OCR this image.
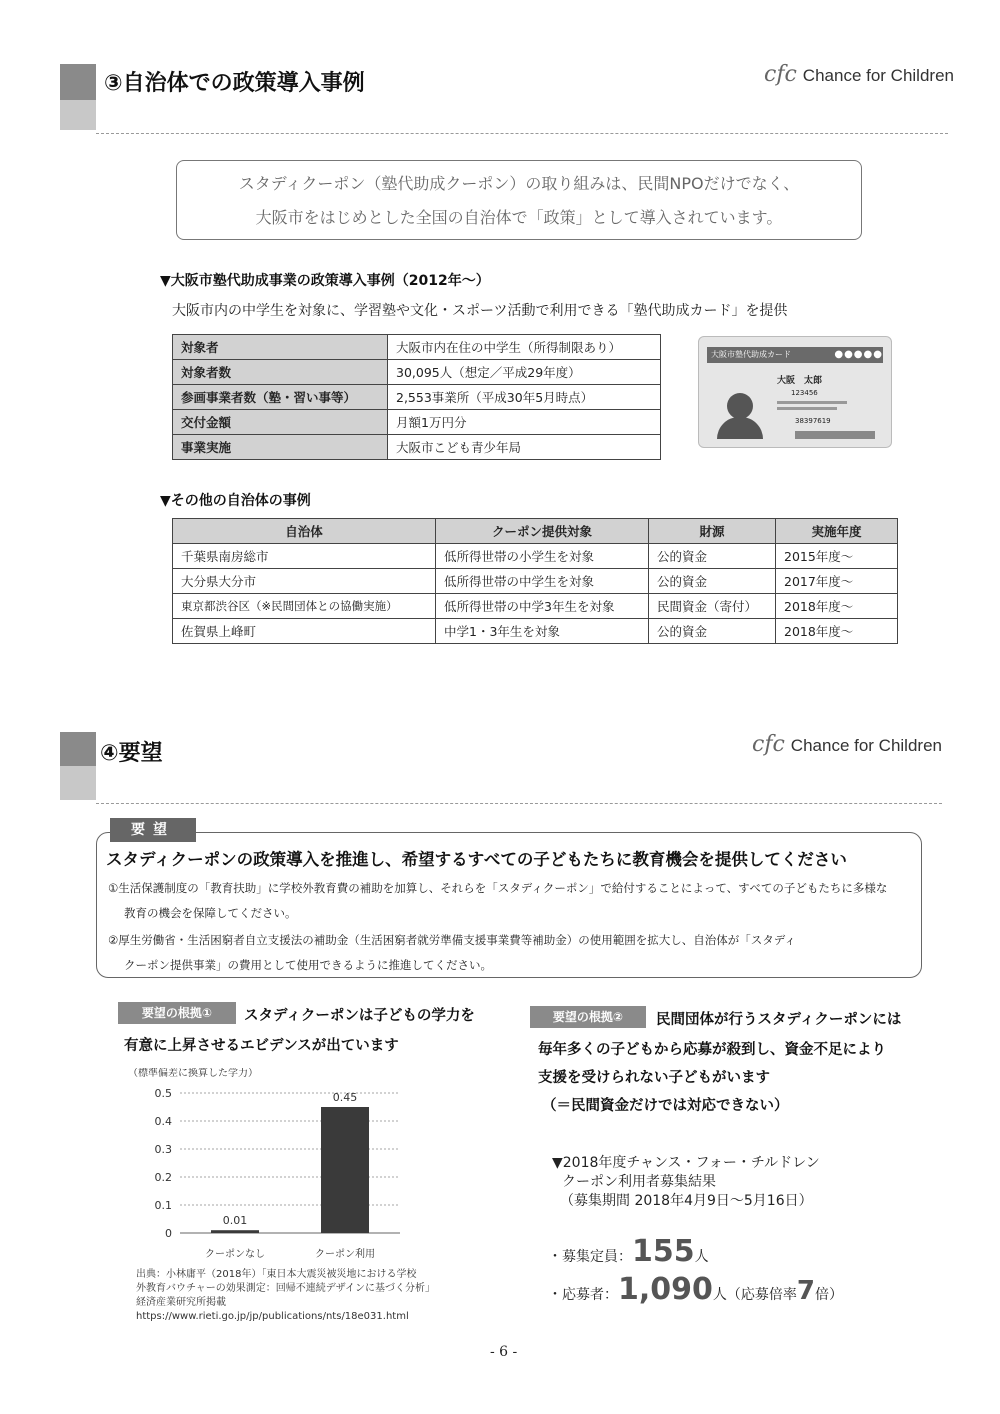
③自治体での政策導入事例	cfc Chance for Children
スタディクーポン（塾代助成クーポン）の取り組みは、民間NPOだけでなく、
大阪市をはじめとした全国の自治体で「政策」として導入されています。
▼大阪市塾代助成事業の政策導入事例（2012年～）
大阪市内の中学生を対象に、学習塾や文化・スポーツ活動で利用できる「塾代助成カード」を提供
対象者	大阪市内在住の中学生（所得制限あり）
対象者数	30,095人（想定／平成29年度）
参画事業者数（塾・習い事等）	2,553事業所（平成30年5月時点）
交付金額	月額1万円分
事業実施	大阪市こども青少年局
大阪市塾代助成カード	●●●●●
大阪　太郎
123456
38397619
▼その他の自治体の事例
自治体	クーポン提供対象	財源	実施年度
千葉県南房総市	低所得世帯の小学生を対象	公的資金	2015年度～
大分県大分市	低所得世帯の中学生を対象	公的資金	2017年度～
東京都渋谷区（※民間団体との協働実施）	低所得世帯の中学3年生を対象	民間資金（寄付）	2018年度～
佐賀県上峰町	中学1・3年生を対象	公的資金	2018年度～
④要望	cfc Chance for Children
要望
スタディクーポンの政策導入を推進し、希望するすべての子どもたちに教育機会を提供してください
①生活保護制度の「教育扶助」に学校外教育費の補助を加算し、それらを「スタディクーポン」で給付することによって、すべての子どもたちに多様な
教育の機会を保障してください。
②厚生労働省・生活困窮者自立支援法の補助金（生活困窮者就労準備支援事業費等補助金）の使用範囲を拡大し、自治体が「スタディ
クーポン提供事業」の費用として使用できるように推進してください。
要望の根拠①	スタディクーポンは子どもの学力を
有意に上昇させるエビデンスが出ています
（標準偏差に換算した学力）
0
0.1
0.2
0.3
0.4
0.5
0.01
クーポンなし
0.45
クーポン利用
出典：小林庸平（2018年）「東日本大震災被災地における学校
外教育バウチャーの効果測定：回帰不連続デザインに基づく分析」
経済産業研究所掲載
https://www.rieti.go.jp/jp/publications/nts/18e031.html
要望の根拠②	民間団体が行うスタディクーポンには
毎年多くの子どもから応募が殺到し、資金不足により
支援を受けられない子どもがいます
（＝民間資金だけでは対応できない）
▼2018年度チャンス・フォー・チルドレン
クーポン利用者募集結果
（募集期間 2018年4月9日～5月16日）
・募集定員：155人
・応募者：1,090人（応募倍率7倍）
- 6 -
